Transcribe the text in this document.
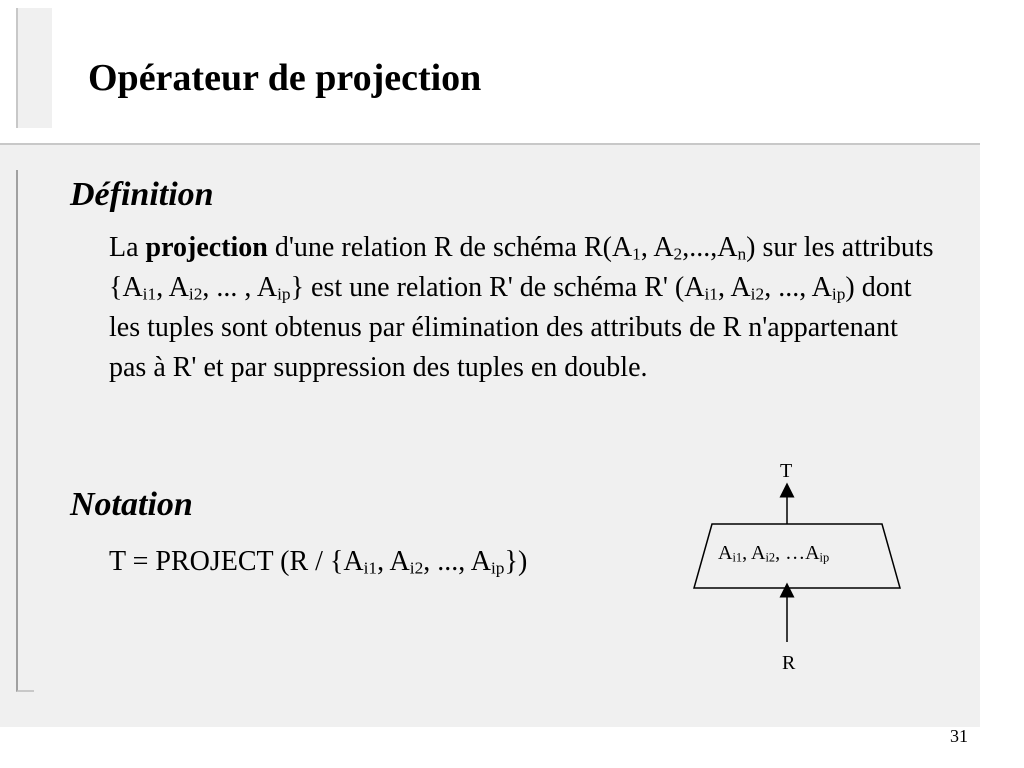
Opérateur de projection
Définition

La projection d'une relation R de schéma $R(A_1$, $A_2,...,A_n$) sur les attributs {$A_{i1}$, $A_{i2}$, ... , $A_{ip}$} est une relation R' de schéma R' ($A_{i1}$, $A_{i2}$, ..., $A_{ip}$) dont les tuples sont obtenus par élimination des attributs de R n'appartenant pas à R' et par suppression des tuples en double.

Notation

T = PROJECT ($R / \{A_{i1}$, $A_{i2}$, ..., $A_{ip}$})

T
$A_{i1}$, $A_{i2}$, $\dots A_{ip}$
R
31
